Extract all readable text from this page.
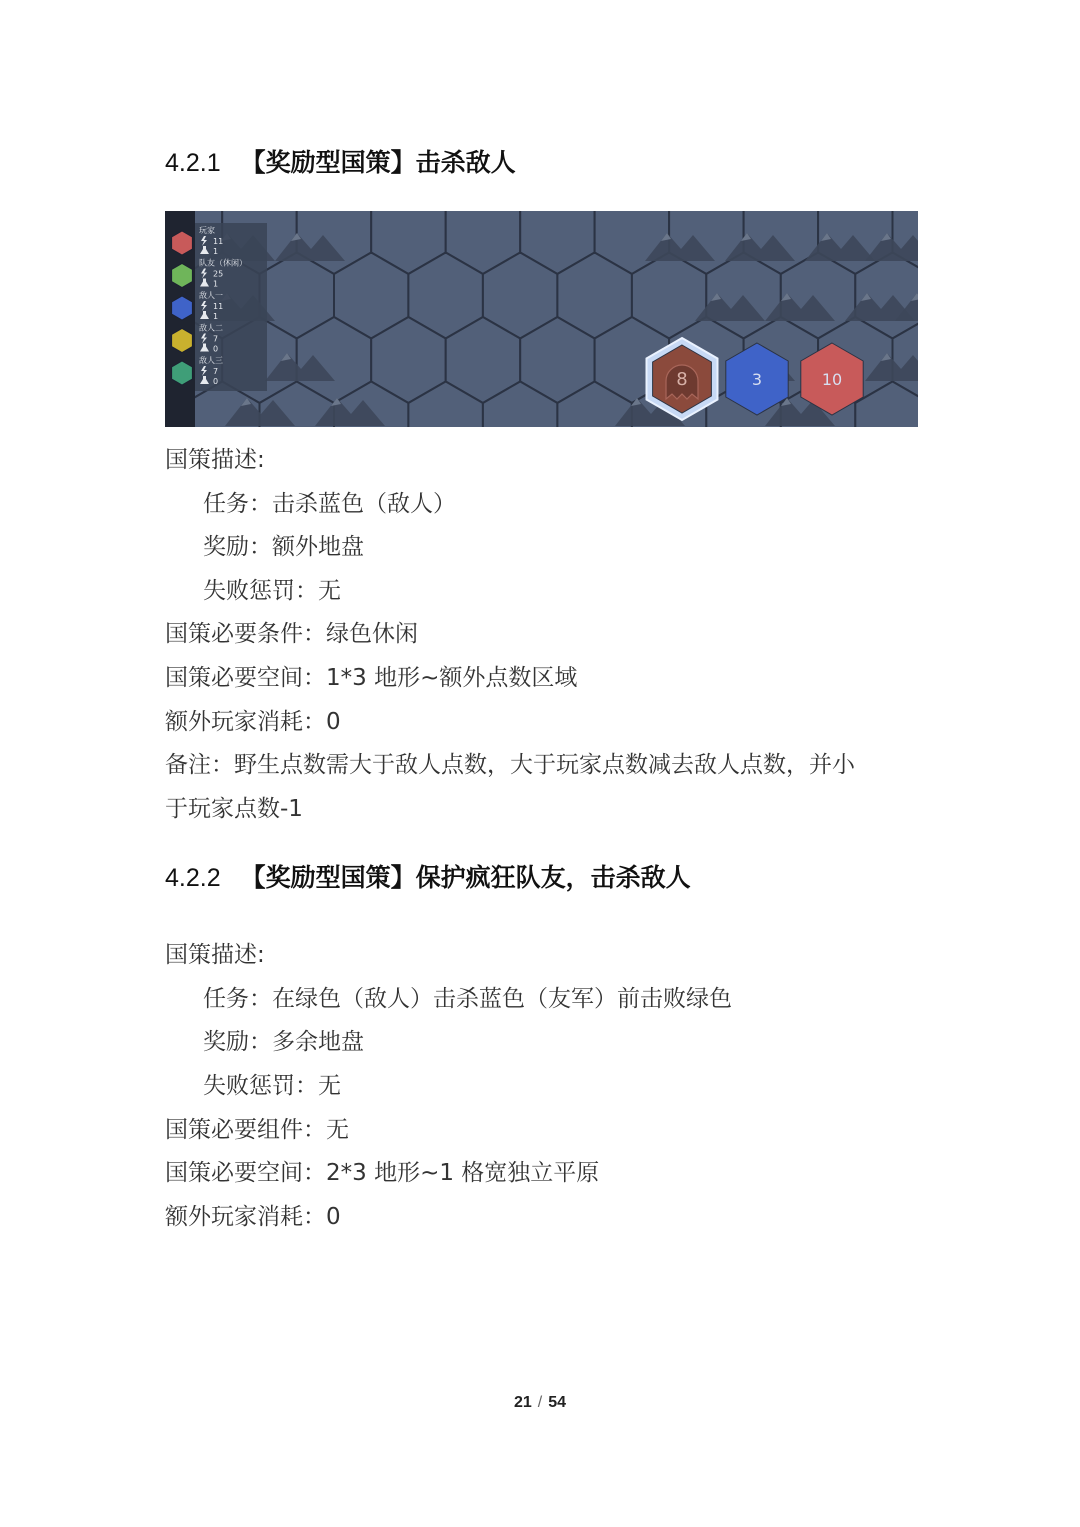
4.2.1 【奖励型国策】击杀敌人
玩家
11
1
队友（休闲）
25
1
敌人一
11
1
敌人二
7
0
敌人三
7
0	8	3	10
国策描述:
任务：击杀蓝色（敌人）
奖励：额外地盘
失败惩罚：无
国策必要条件：绿色休闲
国策必要空间：1*3 地形~额外点数区域
额外玩家消耗：0
备注：野生点数需大于敌人点数，大于玩家点数减去敌人点数，并小
于玩家点数-1
4.2.2 【奖励型国策】保护疯狂队友，击杀敌人
国策描述:
任务：在绿色（敌人）击杀蓝色（友军）前击败绿色
奖励：多余地盘
失败惩罚：无
国策必要组件：无
国策必要空间：2*3 地形~1 格宽独立平原
额外玩家消耗：0
21 / 54
